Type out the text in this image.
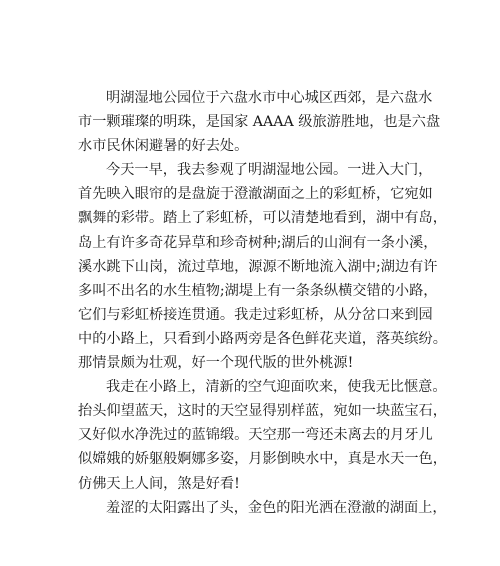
明湖湿地公园位于六盘水市中心城区西郊，是六盘水
市一颗璀璨的明珠，是国家 AAAA 级旅游胜地，也是六盘
水市民休闲避暑的好去处。
今天一早，我去参观了明湖湿地公园。一进入大门，
首先映入眼帘的是盘旋于澄澈湖面之上的彩虹桥，它宛如
飘舞的彩带。踏上了彩虹桥，可以清楚地看到，湖中有岛，
岛上有许多奇花异草和珍奇树种;湖后的山涧有一条小溪，
溪水跳下山岗，流过草地，源源不断地流入湖中;湖边有许
多叫不出名的水生植物;湖堤上有一条条纵横交错的小路，
它们与彩虹桥接连贯通。我走过彩虹桥，从分岔口来到园
中的小路上，只看到小路两旁是各色鲜花夹道，落英缤纷。
那情景颇为壮观，好一个现代版的世外桃源!
我走在小路上，清新的空气迎面吹来，使我无比惬意。
抬头仰望蓝天，这时的天空显得别样蓝，宛如一块蓝宝石，
又好似水净洗过的蓝锦缎。天空那一弯还未离去的月牙儿
似嫦娥的娇躯般婀娜多姿，月影倒映水中，真是水天一色，
仿佛天上人间，煞是好看!
羞涩的太阳露出了头，金色的阳光洒在澄澈的湖面上，
